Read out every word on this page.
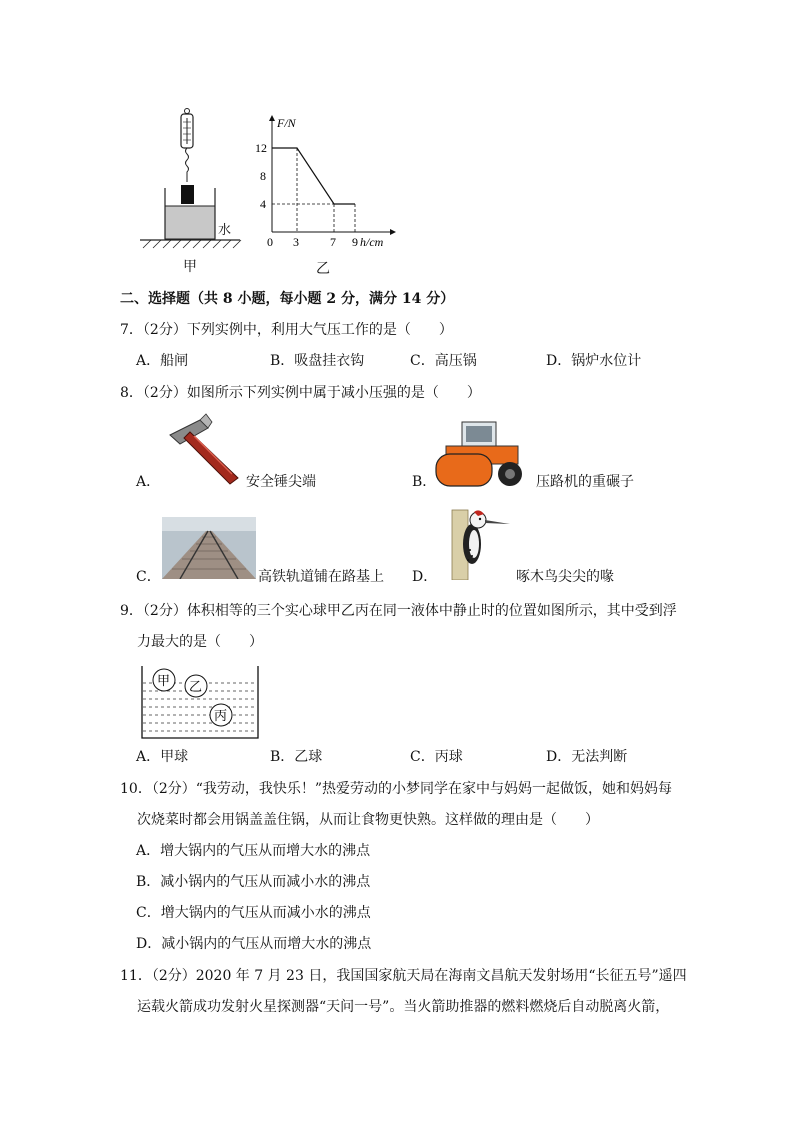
水
甲
F/N
12
8
4
0 3	7 9 h/cm
乙
二、选择题（共 8 小题，每小题 2 分，满分 14 分）
7．（2分）下列实例中，利用大气压工作的是（　　）
A．船闸	B．吸盘挂衣钩	C．高压锅	D．锅炉水位计
8．（2分）如图所示下列实例中属于减小压强的是（　　）
A．	安全锤尖端	B．	压路机的重碾子
C．	高铁轨道铺在路基上 D．	啄木鸟尖尖的喙
9．（2分）体积相等的三个实心球甲乙丙在同一液体中静止时的位置如图所示，其中受到浮
力最大的是（　　）
甲 乙
丙
A．甲球	B．乙球	C．丙球	D．无法判断
10．（2分）“我劳动，我快乐！”热爱劳动的小梦同学在家中与妈妈一起做饭，她和妈妈每
次烧菜时都会用锅盖盖住锅，从而让食物更快熟。这样做的理由是（　　）
A．增大锅内的气压从而增大水的沸点
B．减小锅内的气压从而减小水的沸点
C．增大锅内的气压从而减小水的沸点
D．减小锅内的气压从而增大水的沸点
11．（2分）2020 年 7 月 23 日，我国国家航天局在海南文昌航天发射场用“长征五号”遥四
运载火箭成功发射火星探测器“天问一号”。当火箭助推器的燃料燃烧后自动脱离火箭，
